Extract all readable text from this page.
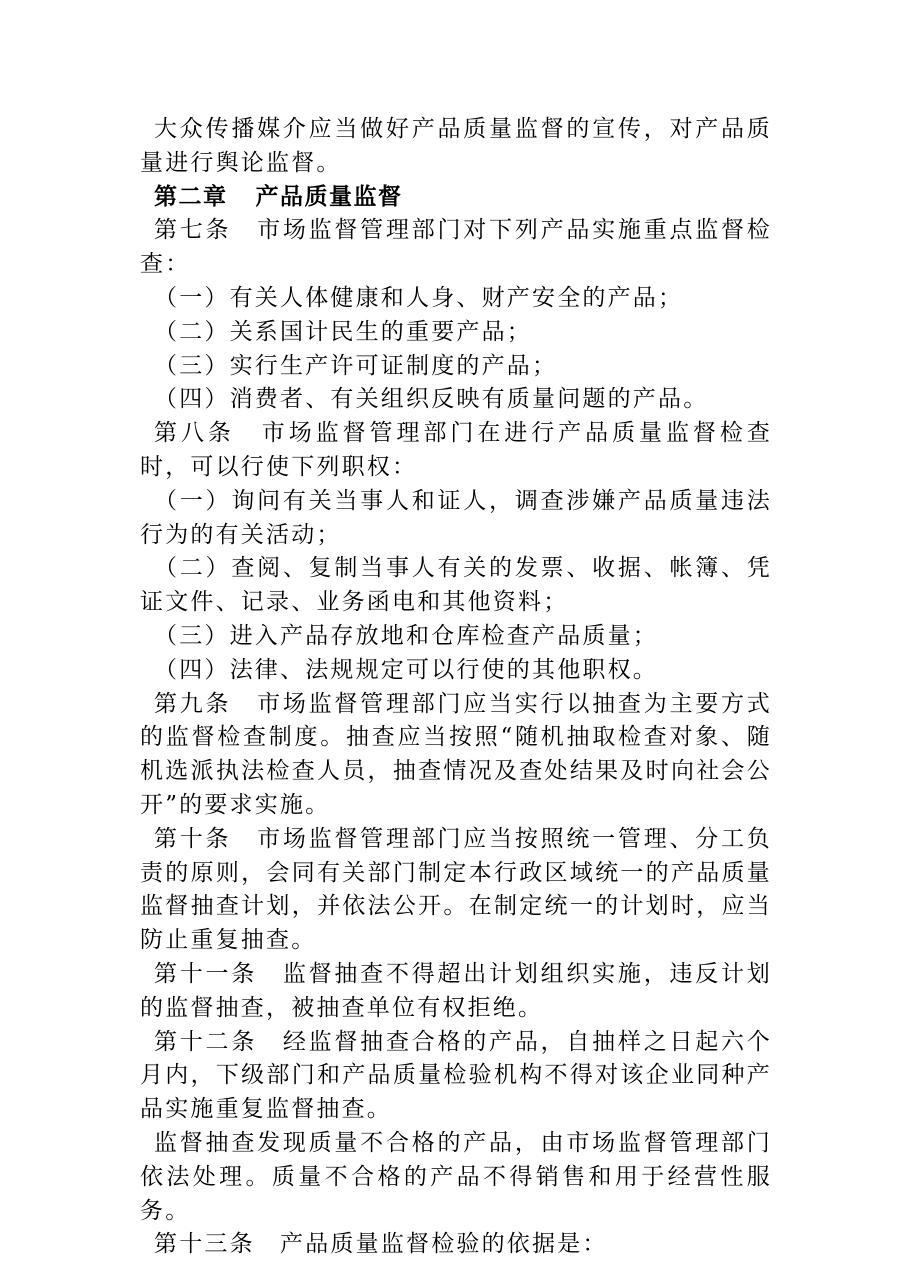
大众传播媒介应当做好产品质量监督的宣传，对产品质量进行舆论监督。

第二章 产品质量监督

第七条　市场监督管理部门对下列产品实施重点监督检查：

（一）有关人体健康和人身、财产安全的产品；

（二）关系国计民生的重要产品；

（三）实行生产许可证制度的产品；

（四）消费者、有关组织反映有质量问题的产品。

第八条　市场监督管理部门在进行产品质量监督检查时，可以行使下列职权：

（一）询问有关当事人和证人，调查涉嫌产品质量违法行为的有关活动；

（二）查阅、复制当事人有关的发票、收据、帐簿、凭证文件、记录、业务函电和其他资料；

（三）进入产品存放地和仓库检查产品质量；

（四）法律、法规规定可以行使的其他职权。

第九条　市场监督管理部门应当实行以抽查为主要方式的监督检查制度。抽查应当按照“随机抽取检查对象、随机选派执法检查人员，抽查情况及查处结果及时向社会公开”的要求实施。

第十条　市场监督管理部门应当按照统一管理、分工负责的原则，会同有关部门制定本行政区域统一的产品质量监督抽查计划，并依法公开。在制定统一的计划时，应当防止重复抽查。

第十一条　监督抽查不得超出计划组织实施，违反计划的监督抽查，被抽查单位有权拒绝。

第十二条　经监督抽查合格的产品，自抽样之日起六个月内，下级部门和产品质量检验机构不得对该企业同种产品实施重复监督抽查。

监督抽查发现质量不合格的产品，由市场监督管理部门依法处理。质量不合格的产品不得销售和用于经营性服务。

第十三条　产品质量监督检验的依据是：
